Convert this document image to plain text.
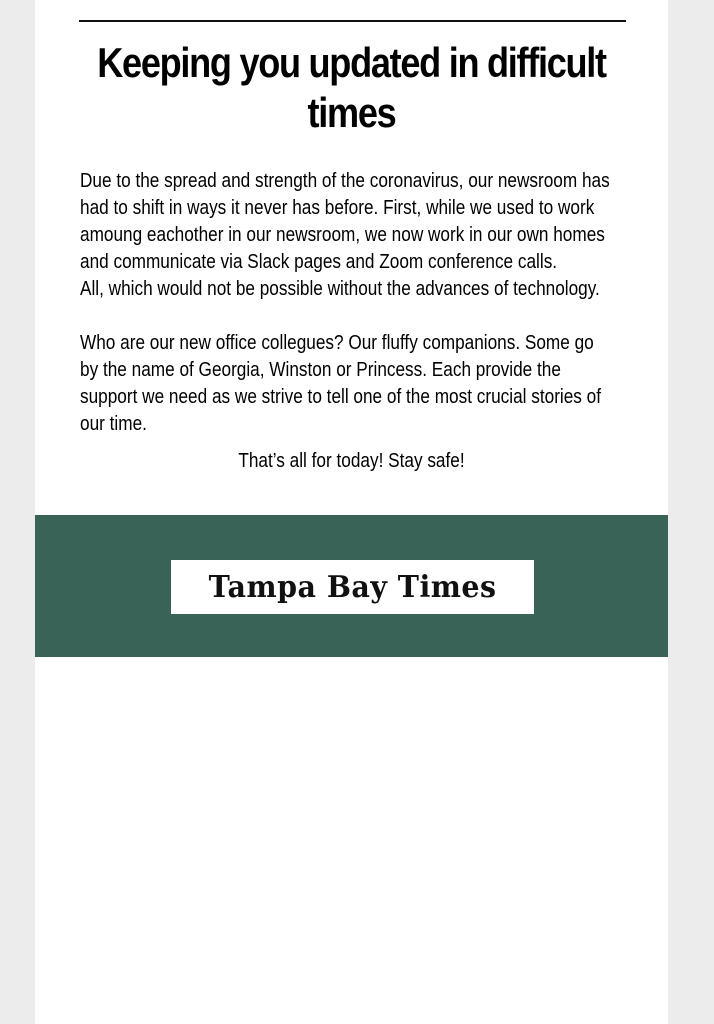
Keeping you updated in difficult times
Due to the spread and strength of the coronavirus, our newsroom has
had to shift in ways it never has before. First, while we used to work
amoung eachother in our newsroom, we now work in our own homes
and communicate via Slack pages and Zoom conference calls.
All, which would not be possible without the advances of technology.
Who are our new office collegues? Our fluffy companions. Some go
by the name of Georgia, Winston or Princess. Each provide the
support we need as we strive to tell one of the most crucial stories of
our time.
That’s all for today! Stay safe!
Tampa Bay Times
